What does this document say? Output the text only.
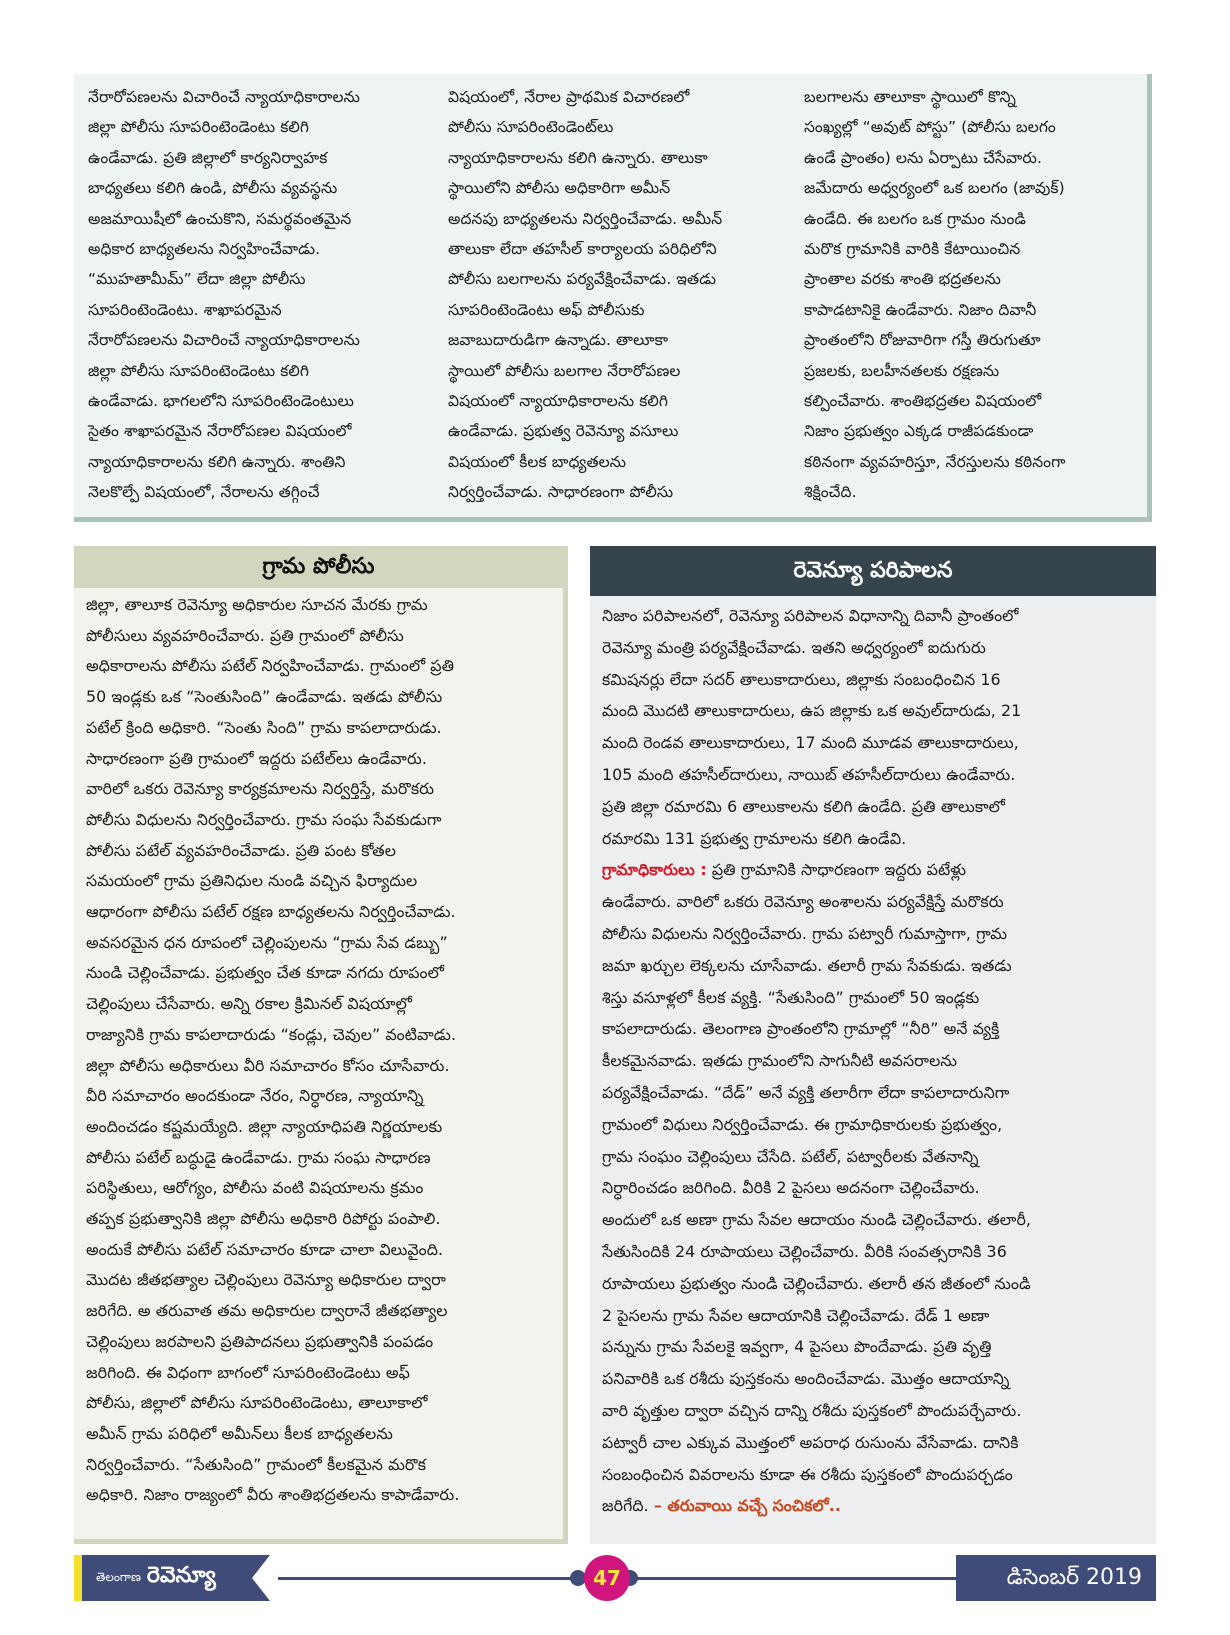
నేరారోపణలను విచారించే న్యాయాధికారాలను
జిల్లా పోలీసు సూపరింటెండెంటు కలిగి
ఉండేవాడు. ప్రతి జిల్లాలో కార్యనిర్వాహక
బాధ్యతలు కలిగి ఉండి, పోలీసు వ్యవస్థను
అజమాయిషీలో ఉంచుకొని, సమర్థవంతమైన
అధికార బాధ్యతలను నిర్వహించేవాడు.
“ముహతామీమ్” లేదా జిల్లా పోలీసు
సూపరింటెండెంటు. శాఖాపరమైన
నేరారోపణలను విచారించే న్యాయాధికారాలను
జిల్లా పోలీసు సూపరింటెండెంటు కలిగి
ఉండేవాడు. భాగలలోని సూపరింటెండెంటులు
సైతం శాఖాపరమైన నేరారోపణల విషయంలో
న్యాయాధికారాలను కలిగి ఉన్నారు. శాంతిని
నెలకొల్పే విషయంలో, నేరాలను తగ్గించే
విషయంలో, నేరాల ప్రాథమిక విచారణలో
పోలీసు సూపరింటెండెంట్‌లు
న్యాయాధికారాలను కలిగి ఉన్నారు. తాలుకా
స్థాయిలోని పోలీసు అధికారిగా అమీన్
అదనపు బాధ్యతలను నిర్వర్తించేవాడు. అమీన్
తాలుకా లేదా తహసీల్ కార్యాలయ పరిధిలోని
పోలీసు బలగాలను పర్యవేక్షించేవాడు. ఇతడు
సూపరింటెండెంటు అఫ్ పోలీసుకు
జవాబుదారుడిగా ఉన్నాడు. తాలూకా
స్థాయిలో పోలీసు బలగాల నేరారోపణల
విషయంలో న్యాయాధికారాలను కలిగి
ఉండేవాడు. ప్రభుత్వ రెవెన్యూ వసూలు
విషయంలో కీలక బాధ్యతలను
నిర్వర్తించేవాడు. సాధారణంగా పోలీసు
బలగాలను తాలూకా స్థాయిలో కొన్ని
సంఖ్యల్లో “అవుట్ పోస్టు” (పోలీసు బలగం
ఉండే ప్రాంతం) లను ఏర్పాటు చేసేవారు.
జమేదారు అధ్వర్యంలో ఒక బలగం (జావుక్)
ఉండేది. ఈ బలగం ఒక గ్రామం నుండి
మరొక గ్రామానికి వారికి కేటాయించిన
ప్రాంతాల వరకు శాంతి భద్రతలను
కాపాడటానికై ఉండేవారు. నిజాం దివానీ
ప్రాంతంలోని రోజువారిగా గస్తీ తిరుగుతూ
ప్రజలకు, బలహీనతలకు రక్షణను
కల్పించేవారు. శాంతిభద్రతల విషయంలో
నిజాం ప్రభుత్వం ఎక్కడ రాజీపడకుండా
కఠినంగా వ్యవహరిస్తూ, నేరస్తులను కఠినంగా
శిక్షించేది.
గ్రామ పోలీసు
జిల్లా, తాలూక రెవెన్యూ అధికారుల సూచన మేరకు గ్రామ
పోలీసులు వ్యవహరించేవారు. ప్రతి గ్రామంలో పోలీసు
అధికారాలను పోలీసు పటేల్ నిర్వహించేవాడు. గ్రామంలో ప్రతి
50 ఇండ్లకు ఒక “సెంతుసింది” ఉండేవాడు. ఇతడు పోలీసు
పటేల్ క్రింది అధికారి. “సెంతు సింది” గ్రామ కాపలాదారుడు.
సాధారణంగా ప్రతి గ్రామంలో ఇద్దరు పటేల్‌లు ఉండేవారు.
వారిలో ఒకరు రెవెన్యూ కార్యక్రమాలను నిర్వర్తిస్తే, మరొకరు
పోలీసు విధులను నిర్వర్తించేవారు. గ్రామ సంఘ సేవకుడుగా
పోలీసు పటేల్ వ్యవహరించేవాడు. ప్రతి పంట కోతల
సమయంలో గ్రామ ప్రతినిధుల నుండి వచ్చిన ఫిర్యాదుల
ఆధారంగా పోలీసు పటేల్ రక్షణ బాధ్యతలను నిర్వర్తించేవాడు.
అవసరమైన ధన రూపంలో చెల్లింపులను “గ్రామ సేవ డబ్బు”
నుండి చెల్లించేవాడు. ప్రభుత్వం చేత కూడా నగదు రూపంలో
చెల్లింపులు చేసేవారు. అన్ని రకాల క్రిమినల్ విషయాల్లో
రాజ్యానికి గ్రామ కాపలాదారుడు “కండ్లు, చెవుల” వంటివాడు.
జిల్లా పోలీసు అధికారులు వీరి సమాచారం కోసం చూసేవారు.
వీరి సమాచారం అందకుండా నేరం, నిర్ధారణ, న్యాయాన్ని
అందించడం కష్టమయ్యేది. జిల్లా న్యాయాధిపతి నిర్ణయాలకు
పోలీసు పటేల్ బద్ధుడై ఉండేవాడు. గ్రామ సంఘ సాధారణ
పరిస్థితులు, ఆరోగ్యం, పోలీసు వంటి విషయాలను క్రమం
తప్పక ప్రభుత్వానికి జిల్లా పోలీసు అధికారి రిపోర్టు పంపాలి.
అందుకే పోలీసు పటేల్ సమాచారం కూడా చాలా విలువైంది.
మొదట జీతభత్యాల చెల్లింపులు రెవెన్యూ అధికారుల ద్వారా
జరిగేది. అ తరువాత తమ అధికారుల ద్వారానే జీతభత్యాల
చెల్లింపులు జరపాలని ప్రతిపాదనలు ప్రభుత్వానికి పంపడం
జరిగింది. ఈ విధంగా బాగంలో సూపరింటెండెంటు అఫ్
పోలీసు, జిల్లాలో పోలీసు సూపరింటెండెంటు, తాలూకాలో
అమీన్ గ్రామ పరిధిలో అమీన్‌లు కీలక బాధ్యతలను
నిర్వర్తించేవారు. “సేతుసింది” గ్రామంలో కీలకమైన మరొక
అధికారి. నిజాం రాజ్యంలో వీరు శాంతిభద్రతలను కాపాడేవారు.
రెవెన్యూ పరిపాలన
నిజాం పరిపాలనలో, రెవెన్యూ పరిపాలన విధానాన్ని దివానీ ప్రాంతంలో
రెవెన్యూ మంత్రి పర్యవేక్షించేవాడు. ఇతని అధ్వర్యంలో ఐదుగురు
కమిషనర్లు లేదా సదర్ తాలుకాదారులు, జిల్లాకు సంబంధించిన 16
మంది మొదటి తాలుకాదారులు, ఉప జిల్లాకు ఒక అవుల్‌దారుడు, 21
మంది రెండవ తాలుకాదారులు, 17 మంది మూడవ తాలుకాదారులు,
105 మంది తహసీల్‌దారులు, నాయిబ్ తహసీల్‌దారులు ఉండేవారు.
ప్రతి జిల్లా రమారమి 6 తాలుకాలను కలిగి ఉండేది. ప్రతి తాలుకాలో
రమారమి 131 ప్రభుత్వ గ్రామాలను కలిగి ఉండేవి.
గ్రామాధికారులు : ప్రతి గ్రామానికి సాధారణంగా ఇద్దరు పటేళ్లు
ఉండేవారు. వారిలో ఒకరు రెవెన్యూ అంశాలను పర్యవేక్షిస్తే మరొకరు
పోలీసు విధులను నిర్వర్తించేవారు. గ్రామ పట్వారీ గుమాస్తాగా, గ్రామ
జమా ఖర్చుల లెక్కలను చూసేవాడు. తలారీ గ్రామ సేవకుడు. ఇతడు
శిస్తు వసూళ్లలో కీలక వ్యక్తి. “సేతుసింది” గ్రామంలో 50 ఇండ్లకు
కాపలాదారుడు. తెలంగాణ ప్రాంతంలోని గ్రామాల్లో “నీరి” అనే వ్యక్తి
కీలకమైనవాడు. ఇతడు గ్రామంలోని సాగునీటి అవసరాలను
పర్యవేక్షించేవాడు. “దేడ్” అనే వ్యక్తి తలారీగా లేదా కాపలాదారునిగా
గ్రామంలో విధులు నిర్వర్తించేవాడు. ఈ గ్రామాధికారులకు ప్రభుత్వం,
గ్రామ సంఘం చెల్లింపులు చేసేది. పటేల్, పట్వారీలకు వేతనాన్ని
నిర్ధారించడం జరిగింది. వీరికి 2 పైసలు అదనంగా చెల్లించేవారు.
అందులో ఒక అణా గ్రామ సేవల ఆదాయం నుండి చెల్లించేవారు. తలారీ,
సేతుసిందికి 24 రూపాయలు చెల్లించేవారు. వీరికి సంవత్సరానికి 36
రూపాయలు ప్రభుత్వం నుండి చెల్లించేవారు. తలారీ తన జీతంలో నుండి
2 పైసలను గ్రామ సేవల ఆదాయానికి చెల్లించేవాడు. దేడ్ 1 అణా
పన్నును గ్రామ సేవలకై ఇవ్వగా, 4 పైసలు పొందేవాడు. ప్రతి వృత్తి
పనివారికి ఒక రశీదు పుస్తకంను అందించేవాడు. మొత్తం ఆదాయాన్ని
వారి వృత్తుల ద్వారా వచ్చిన దాన్ని రశీదు పుస్తకంలో పొందుపర్చేవారు.
పట్వారీ చాల ఎక్కువ మొత్తంలో అపరాధ రుసుంను వేసేవాడు. దానికి
సంబంధించిన వివరాలను కూడా ఈ రశీదు పుస్తకంలో పొందుపర్చడం
జరిగేది. – తరువాయి వచ్చే సంచికలో..
తెలంగాణ రెవెన్యూ	47	డిసెంబర్ 2019
